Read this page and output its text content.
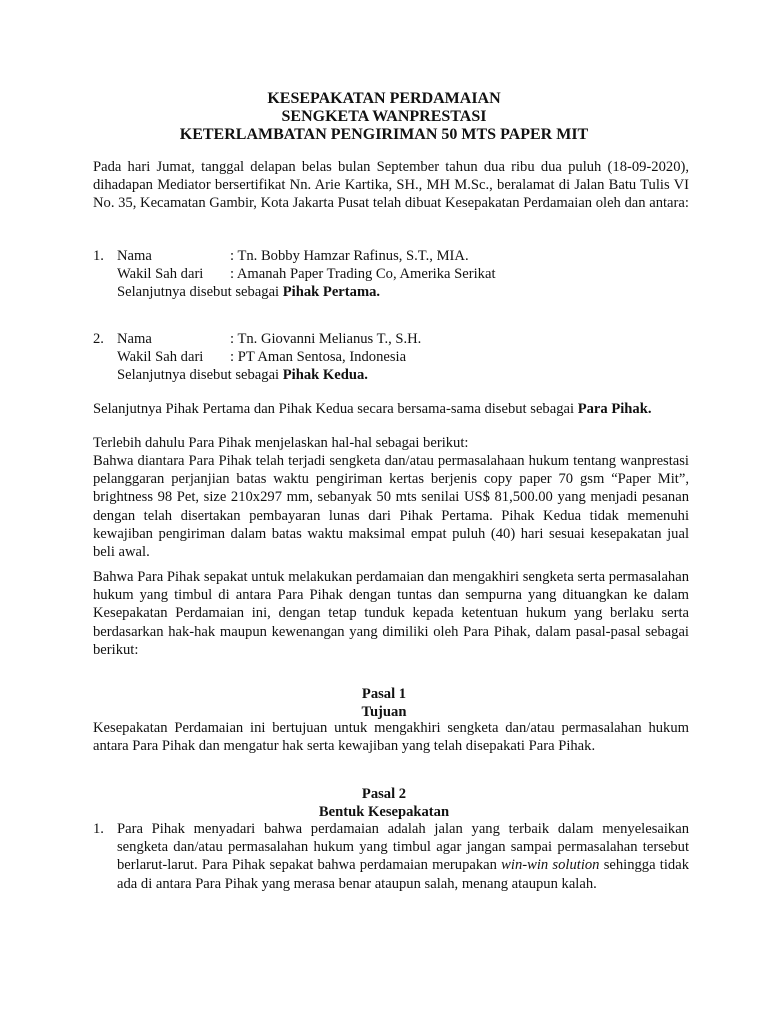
KESEPAKATAN PERDAMAIAN
SENGKETA WANPRESTASI
KETERLAMBATAN PENGIRIMAN 50 MTS PAPER MIT
Pada hari Jumat, tanggal delapan belas bulan September tahun dua ribu dua puluh (18-09-2020), dihadapan Mediator bersertifikat Nn. Arie Kartika, SH., MH M.Sc., beralamat di Jalan Batu Tulis VI No. 35, Kecamatan Gambir, Kota Jakarta Pusat telah dibuat Kesepakatan Perdamaian oleh dan antara:
1. Nama	: Tn. Bobby Hamzar Rafinus, S.T., MIA.
Wakil Sah dari : Amanah Paper Trading Co, Amerika Serikat
Selanjutnya disebut sebagai Pihak Pertama.
2. Nama	: Tn. Giovanni Melianus T., S.H.
Wakil Sah dari : PT Aman Sentosa, Indonesia
Selanjutnya disebut sebagai Pihak Kedua.
Selanjutnya Pihak Pertama dan Pihak Kedua secara bersama-sama disebut sebagai Para Pihak.
Terlebih dahulu Para Pihak menjelaskan hal-hal sebagai berikut:
Bahwa diantara Para Pihak telah terjadi sengketa dan/atau permasalahaan hukum tentang wanprestasi pelanggaran perjanjian batas waktu pengiriman kertas berjenis copy paper 70 gsm “Paper Mit”, brightness 98 Pet, size 210x297 mm, sebanyak 50 mts senilai US$ 81,500.00 yang menjadi pesanan dengan telah disertakan pembayaran lunas dari Pihak Pertama. Pihak Kedua tidak memenuhi kewajiban pengiriman dalam batas waktu maksimal empat puluh (40) hari sesuai kesepakatan jual beli awal.
Bahwa Para Pihak sepakat untuk melakukan perdamaian dan mengakhiri sengketa serta permasalahan hukum yang timbul di antara Para Pihak dengan tuntas dan sempurna yang dituangkan ke dalam Kesepakatan Perdamaian ini, dengan tetap tunduk kepada ketentuan hukum yang berlaku serta berdasarkan hak-hak maupun kewenangan yang dimiliki oleh Para Pihak, dalam pasal-pasal sebagai berikut:
Pasal 1
Tujuan
Kesepakatan Perdamaian ini bertujuan untuk mengakhiri sengketa dan/atau permasalahan hukum antara Para Pihak dan mengatur hak serta kewajiban yang telah disepakati Para Pihak.
Pasal 2
Bentuk Kesepakatan
1. Para Pihak menyadari bahwa perdamaian adalah jalan yang terbaik dalam menyelesaikan sengketa dan/atau permasalahan hukum yang timbul agar jangan sampai permasalahan tersebut berlarut-larut. Para Pihak sepakat bahwa perdamaian merupakan win-win solution sehingga tidak ada di antara Para Pihak yang merasa benar ataupun salah, menang ataupun kalah.
